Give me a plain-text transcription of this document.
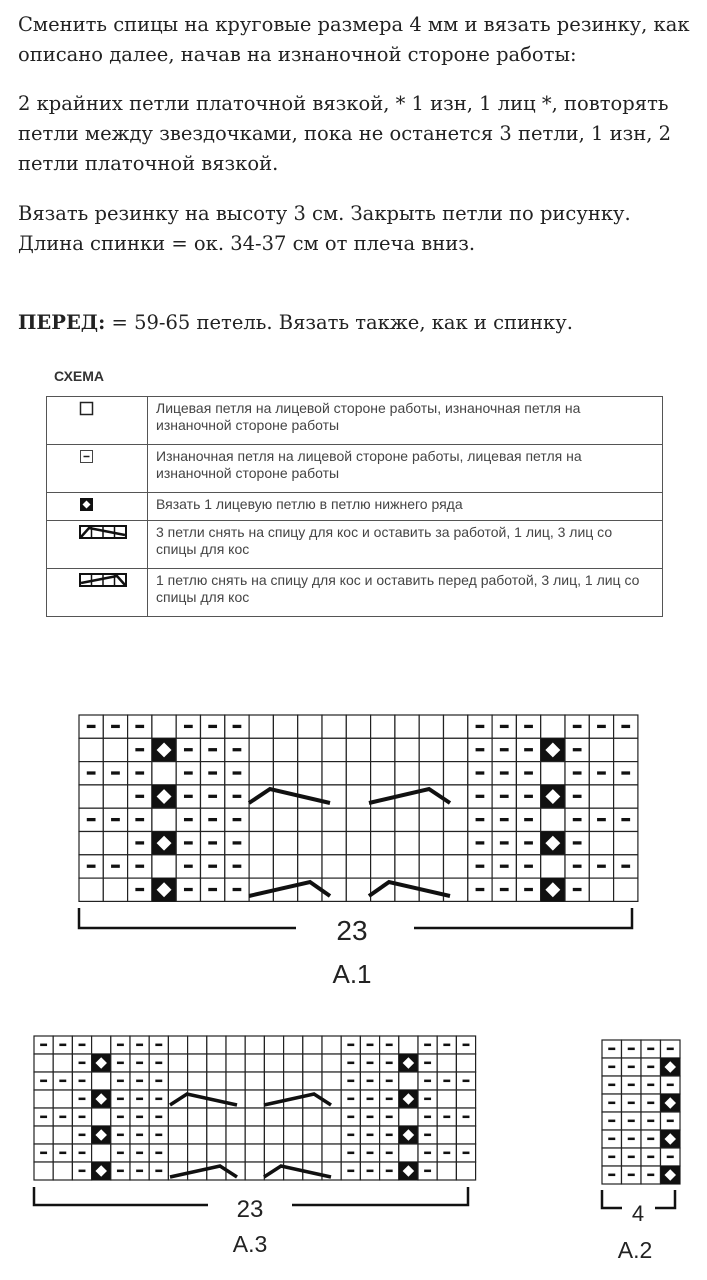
Сменить спицы на круговые размера 4 мм и вязать резинку, как описано далее, начав на изнаночной стороне работы:

2 крайних петли платочной вязкой, * 1 изн, 1 лиц *, повторять петли между звездочками, пока не останется 3 петли, 1 изн, 2 петли платочной вязкой.

Вязать резинку на высоту 3 см. Закрыть петли по рисунку.
Длина спинки = ок. 34-37 см от плеча вниз.

ПЕРЕД: = 59-65 петель. Вязать также, как и спинку.

СХЕМА
	Лицевая петля на лицевой стороне работы, изнаночная петля на изнаночной стороне работы

	Изнаночная петля на лицевой стороне работы, лицевая петля на изнаночной стороне работы

	Вязать 1 лицевую петлю в петлю нижнего ряда

	3 петли снять на спицу для кос и оставить за работой, 1 лиц, 3 лиц со спицы для кос

	1 петлю снять на спицу для кос и оставить перед работой, 3 лиц, 1 лиц со спицы для кос
23
A.1
23
A.3
4
A.2
